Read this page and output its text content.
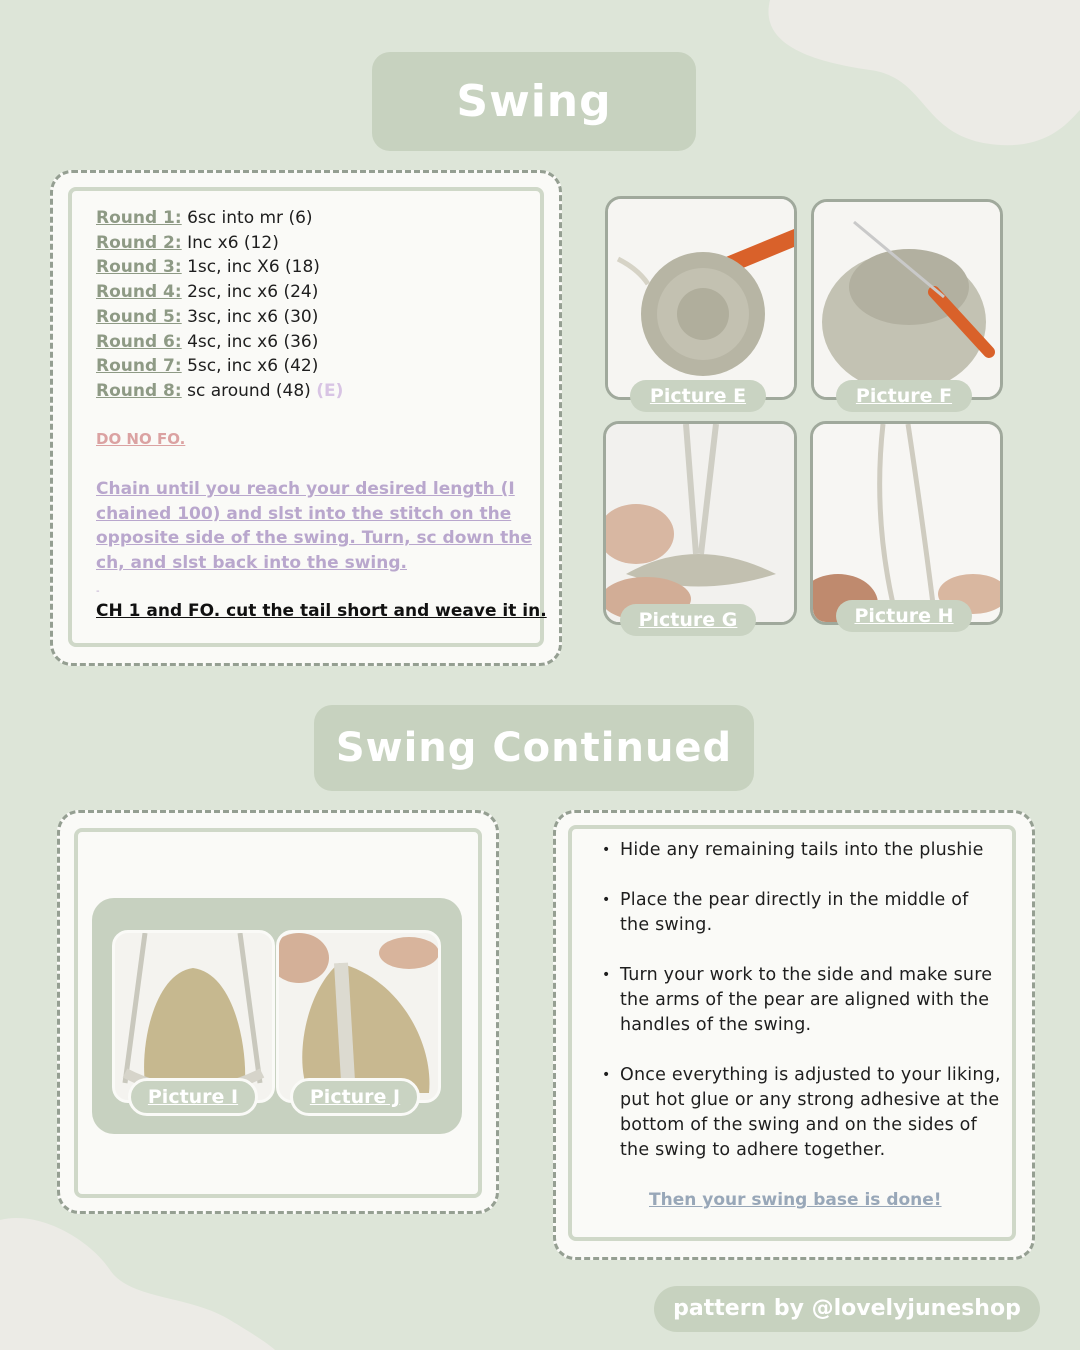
Swing
Round 1: 6sc into mr (6)
Round 2: Inc x6 (12)
Round 3: 1sc, inc X6 (18)
Round 4: 2sc, inc x6 (24)
Round 5: 3sc, inc x6 (30)
Round 6: 4sc, inc x6 (36)
Round 7: 5sc, inc x6 (42)
Round 8: sc around (48) (E)
DO NO FO.
Chain until you reach your desired length (I chained 100) and slst into the stitch on the opposite side of the swing. Turn, sc down the ch, and slst back into the swing.
-
CH 1 and FO. cut the tail short and weave it in.
Picture E	Picture F
Picture G	Picture H
Swing Continued
Picture I	Picture J
• Hide any remaining tails into the plushie
• Place the pear directly in the middle of the swing.
• Turn your work to the side and make sure the arms of the pear are aligned with the handles of the swing.
• Once everything is adjusted to your liking, put hot glue or any strong adhesive at the bottom of the swing and on the sides of the swing to adhere together.
Then your swing base is done!
pattern by @lovelyjuneshop
